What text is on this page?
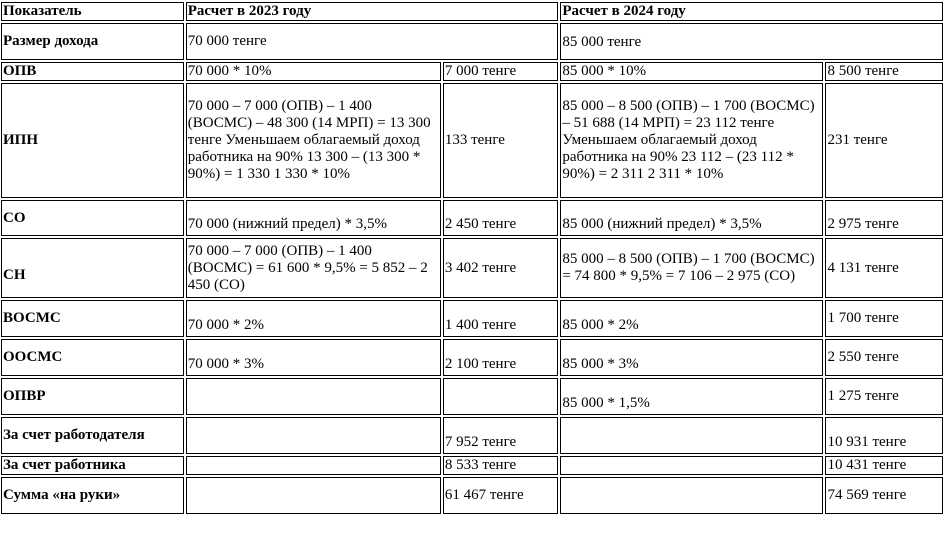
Показатель	Расчет в 2023 году		Расчет в 2024 году	
Размер дохода	70 000 тенге		85 000 тенге	
ОПВ	70 000 * 10%	7 000 тенге	85 000 * 10%	8 500 тенге
ИПН	70 000 – 7 000 (ОПВ) – 1 400 (ВОСМС) – 48 300 (14 МРП) = 13 300 тенге Уменьшаем облагаемый доход работника на 90% 13 300 – (13 300 * 90%) = 1 330 1 330 * 10%	133 тенге	85 000 – 8 500 (ОПВ) – 1 700 (ВОСМС) – 51 688 (14 МРП) = 23 112 тенге Уменьшаем облагаемый доход работника на 90% 23 112 – (23 112 * 90%) = 2 311 2 311 * 10%	231 тенге
СО	70 000 (нижний предел) * 3,5%	2 450 тенге	85 000 (нижний предел) * 3,5%	2 975 тенге
СН	70 000 – 7 000 (ОПВ) – 1 400 (ВОСМС) = 61 600 * 9,5% = 5 852 – 2 450 (СО)	3 402 тенге	85 000 – 8 500 (ОПВ) – 1 700 (ВОСМС) = 74 800 * 9,5% = 7 106 – 2 975 (СО)	4 131 тенге
ВОСМС	70 000 * 2%	1 400 тенге	85 000 * 2%	1 700 тенге
ООСМС	70 000 * 3%	2 100 тенге	85 000 * 3%	2 550 тенге
ОПВР			85 000 * 1,5%	1 275 тенге
За счет работодателя		7 952 тенге		10 931 тенге
За счет работника		8 533 тенге		10 431 тенге
Сумма «на руки»		61 467 тенге		74 569 тенге
